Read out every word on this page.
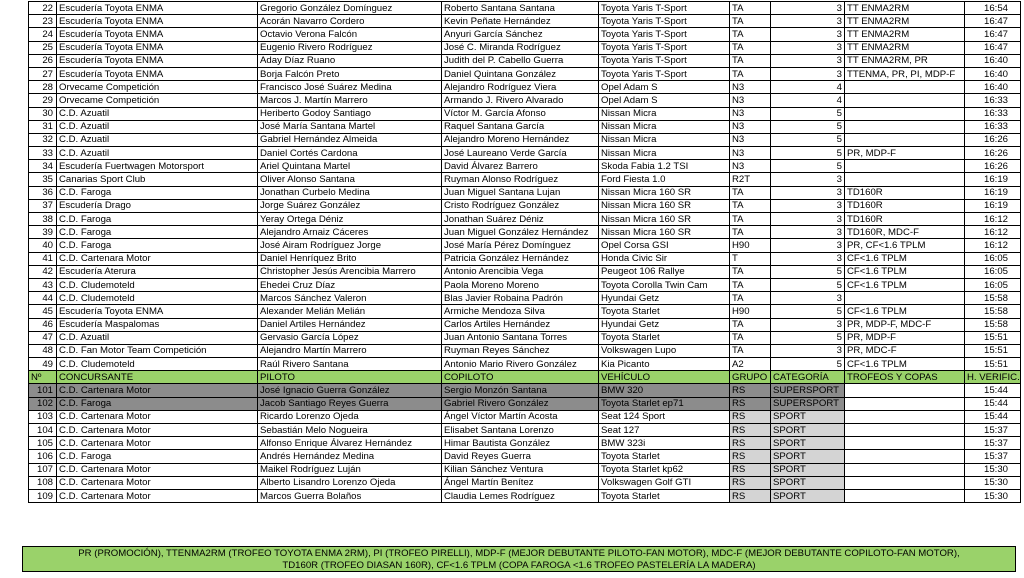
22	Escudería Toyota ENMA	Gregorio González Domínguez	Roberto Santana Santana	Toyota Yaris T-Sport	TA	3	TT ENMA2RM	16:54
23	Escudería Toyota ENMA	Acorán Navarro Cordero	Kevin Peñate Hernández	Toyota Yaris T-Sport	TA	3	TT ENMA2RM	16:47
24	Escudería Toyota ENMA	Octavio Verona Falcón	Anyuri García Sánchez	Toyota Yaris T-Sport	TA	3	TT ENMA2RM	16:47
25	Escudería Toyota ENMA	Eugenio Rivero Rodríguez	José C. Miranda Rodríguez	Toyota Yaris T-Sport	TA	3	TT ENMA2RM	16:47
26	Escudería Toyota ENMA	Aday Díaz Ruano	Judith del P. Cabello Guerra	Toyota Yaris T-Sport	TA	3	TT ENMA2RM, PR	16:40
27	Escudería Toyota ENMA	Borja Falcón Preto	Daniel Quintana González	Toyota Yaris T-Sport	TA	3	TTENMA, PR, PI, MDP-F	16:40
28	Orvecame Competición	Francisco José Suárez Medina	Alejandro Rodríguez Viera	Opel Adam S	N3	4		16:40
29	Orvecame Competición	Marcos J. Martín Marrero	Armando J. Rivero Alvarado	Opel Adam S	N3	4		16:33
30	C.D. Azuatil	Heriberto Godoy Santiago	Víctor M. García Afonso	Nissan Micra	N3	5		16:33
31	C.D. Azuatil	José María Santana Martel	Raquel Santana García	Nissan Micra	N3	5		16:33
32	C.D. Azuatil	Gabriel Hernández Almeida	Alejandro Moreno Hernández	Nissan Micra	N3	5		16:26
33	C.D. Azuatil	Daniel Cortés Cardona	José Laureano Verde García	Nissan Micra	N3	5	PR, MDP-F	16:26
34	Escudería Fuertwagen Motorsport	Ariel Quintana Martel	David Álvarez Barrero	Skoda Fabia 1.2 TSI	N3	5		16:26
35	Canarias Sport Club	Oliver Alonso Santana	Ruyman Alonso Rodríguez	Ford Fiesta 1.0	R2T	3		16:19
36	C.D. Faroga	Jonathan Curbelo Medina	Juan Miguel Santana Lujan	Nissan Micra 160 SR	TA	3	TD160R	16:19
37	Escudería Drago	Jorge Suárez González	Cristo Rodríguez González	Nissan Micra 160 SR	TA	3	TD160R	16:19
38	C.D. Faroga	Yeray Ortega Déniz	Jonathan Suárez Déniz	Nissan Micra 160 SR	TA	3	TD160R	16:12
39	C.D. Faroga	Alejandro Arnaiz Cáceres	Juan Miguel González Hernández	Nissan Micra 160 SR	TA	3	TD160R, MDC-F	16:12
40	C.D. Faroga	José Airam Rodríguez Jorge	José María Pérez Domínguez	Opel Corsa GSI	H90	3	PR, CF<1.6 TPLM	16:12
41	C.D. Cartenara Motor	Daniel Henríquez Brito	Patricia González Hernández	Honda Civic Sir	T	3	CF<1.6 TPLM	16:05
42	Escudería Aterura	Christopher Jesús Arencibia Marrero	Antonio Arencibia Vega	Peugeot 106 Rallye	TA	5	CF<1.6 TPLM	16:05
43	C.D. Cludemoteld	Ehedei Cruz Díaz	Paola Moreno Moreno	Toyota Corolla Twin Cam	TA	5	CF<1.6 TPLM	16:05
44	C.D. Cludemoteld	Marcos Sánchez Valeron	Blas Javier Robaina Padrón	Hyundai Getz	TA	3		15:58
45	Escudería Toyota ENMA	Alexander Melián Melián	Armiche Mendoza Silva	Toyota Starlet	H90	5	CF<1.6 TPLM	15:58
46	Escudería Maspalomas	Daniel Artiles Hernández	Carlos Artiles Hernández	Hyundai Getz	TA	3	PR, MDP-F, MDC-F	15:58
47	C.D. Azuatil	Gervasio García López	Juan Antonio Santana Torres	Toyota Starlet	TA	5	PR, MDP-F	15:51
48	C.D. Fan Motor Team Competición	Alejandro Martín Marrero	Ruyman Reyes Sánchez	Volkswagen Lupo	TA	3	PR, MDC-F	15:51
49	C.D. Cludemoteld	Raúl Rivero Santana	Antonio Mario Rivero González	Kia Picanto	A2	5	CF<1.6 TPLM	15:51
Nº	CONCURSANTE	PILOTO	COPILOTO	VEHÍCULO	GRUPO	CATEGORÍA	TROFEOS Y COPAS	H. VERIFIC.
101	C.D. Cartenara Motor	José Ignacio Guerra González	Sergio Monzón Santana	BMW 320	RS	SUPERSPORT		15:44
102	C.D. Faroga	Jacob Santiago Reyes Guerra	Gabriel Rivero González	Toyota Starlet ep71	RS	SUPERSPORT		15:44
103	C.D. Cartenara Motor	Ricardo Lorenzo Ojeda	Ángel Víctor Martín Acosta	Seat 124 Sport	RS	SPORT		15:44
104	C.D. Cartenara Motor	Sebastián Melo Nogueira	Elisabet Santana Lorenzo	Seat 127	RS	SPORT		15:37
105	C.D. Cartenara Motor	Alfonso Enrique Álvarez Hernández	Himar Bautista González	BMW 323i	RS	SPORT		15:37
106	C.D. Faroga	Andrés Hernández Medina	David Reyes Guerra	Toyota Starlet	RS	SPORT		15:37
107	C.D. Cartenara Motor	Maikel Rodríguez Luján	Kilian Sánchez Ventura	Toyota Starlet kp62	RS	SPORT		15:30
108	C.D. Cartenara Motor	Alberto Lisandro Lorenzo Ojeda	Ángel Martín Benítez	Volkswagen Golf GTI	RS	SPORT		15:30
109	C.D. Cartenara Motor	Marcos Guerra Bolaños	Claudia Lemes Rodríguez	Toyota Starlet	RS	SPORT		15:30
PR (PROMOCIÓN), TTENMA2RM (TROFEO TOYOTA ENMA 2RM), PI (TROFEO PIRELLI), MDP-F (MEJOR DEBUTANTE PILOTO-FAN MOTOR), MDC-F (MEJOR DEBUTANTE COPILOTO-FAN MOTOR),
TD160R (TROFEO DIASAN 160R), CF<1.6 TPLM (COPA FAROGA <1.6 TROFEO PASTELERÍA LA MADERA)
